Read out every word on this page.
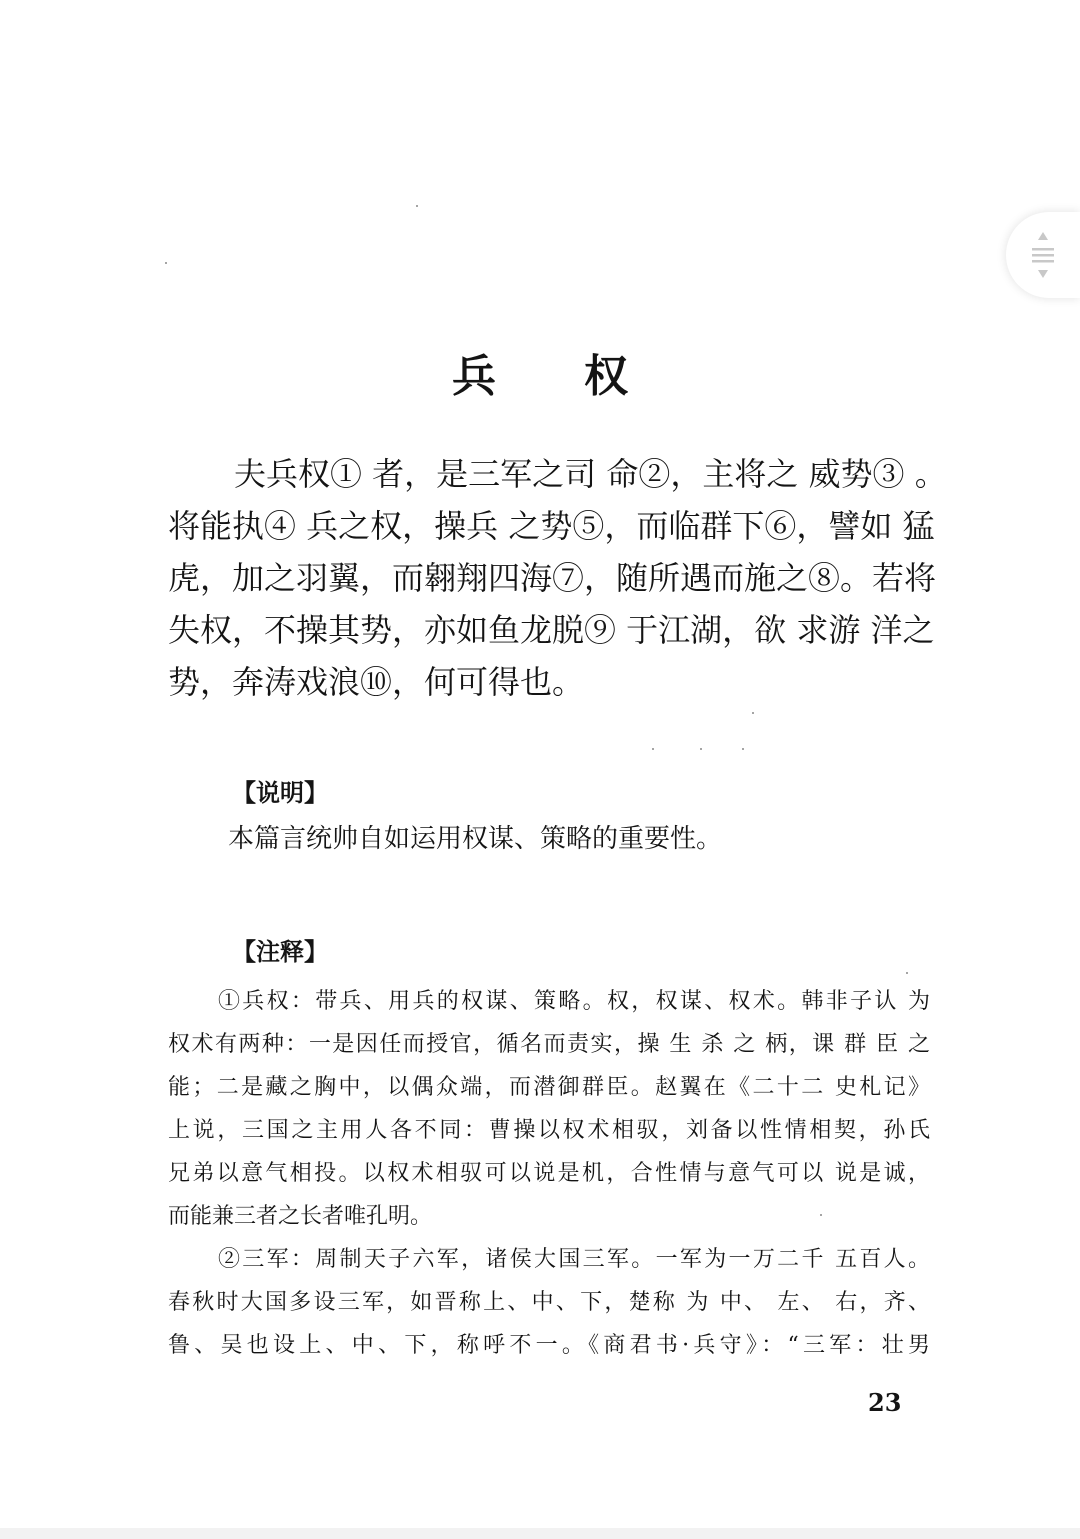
兵 权
夫兵权① 者，是三军之司 命②，主将之 威势③ 。
将能执④ 兵之权，操兵 之势⑤，而临群下⑥，譬如 猛
虎，加之羽翼，而翱翔四海⑦，随所遇而施之⑧。若将
失权，不操其势，亦如鱼龙脱⑨ 于江湖，欲 求游 洋之
势，奔涛戏浪⑩，何可得也。
【说明】
本篇言统帅自如运用权谋、策略的重要性。
【注释】
①兵权：带兵、用兵的权谋、策略。权，权谋、权术。韩非子认 为
权术有两种：一是因任而授官，循名而责实，操 生 杀 之 柄，课 群 臣 之
能；二是藏之胸中，以偶众端，而潜御群臣。赵翼在《二十二 史札记》
上说，三国之主用人各不同：曹操以权术相驭，刘备以性情相契，孙氏
兄弟以意气相投。以权术相驭可以说是机，合性情与意气可以 说是诚，
而能兼三者之长者唯孔明。
②三军：周制天子六军，诸侯大国三军。一军为一万二千 五百人。
春秋时大国多设三军，如晋称上、中、下，楚称 为 中、 左、 右，齐、
鲁、吴也设上、中、下，称呼不一。《商君书·兵守》：“三军：壮男
23
